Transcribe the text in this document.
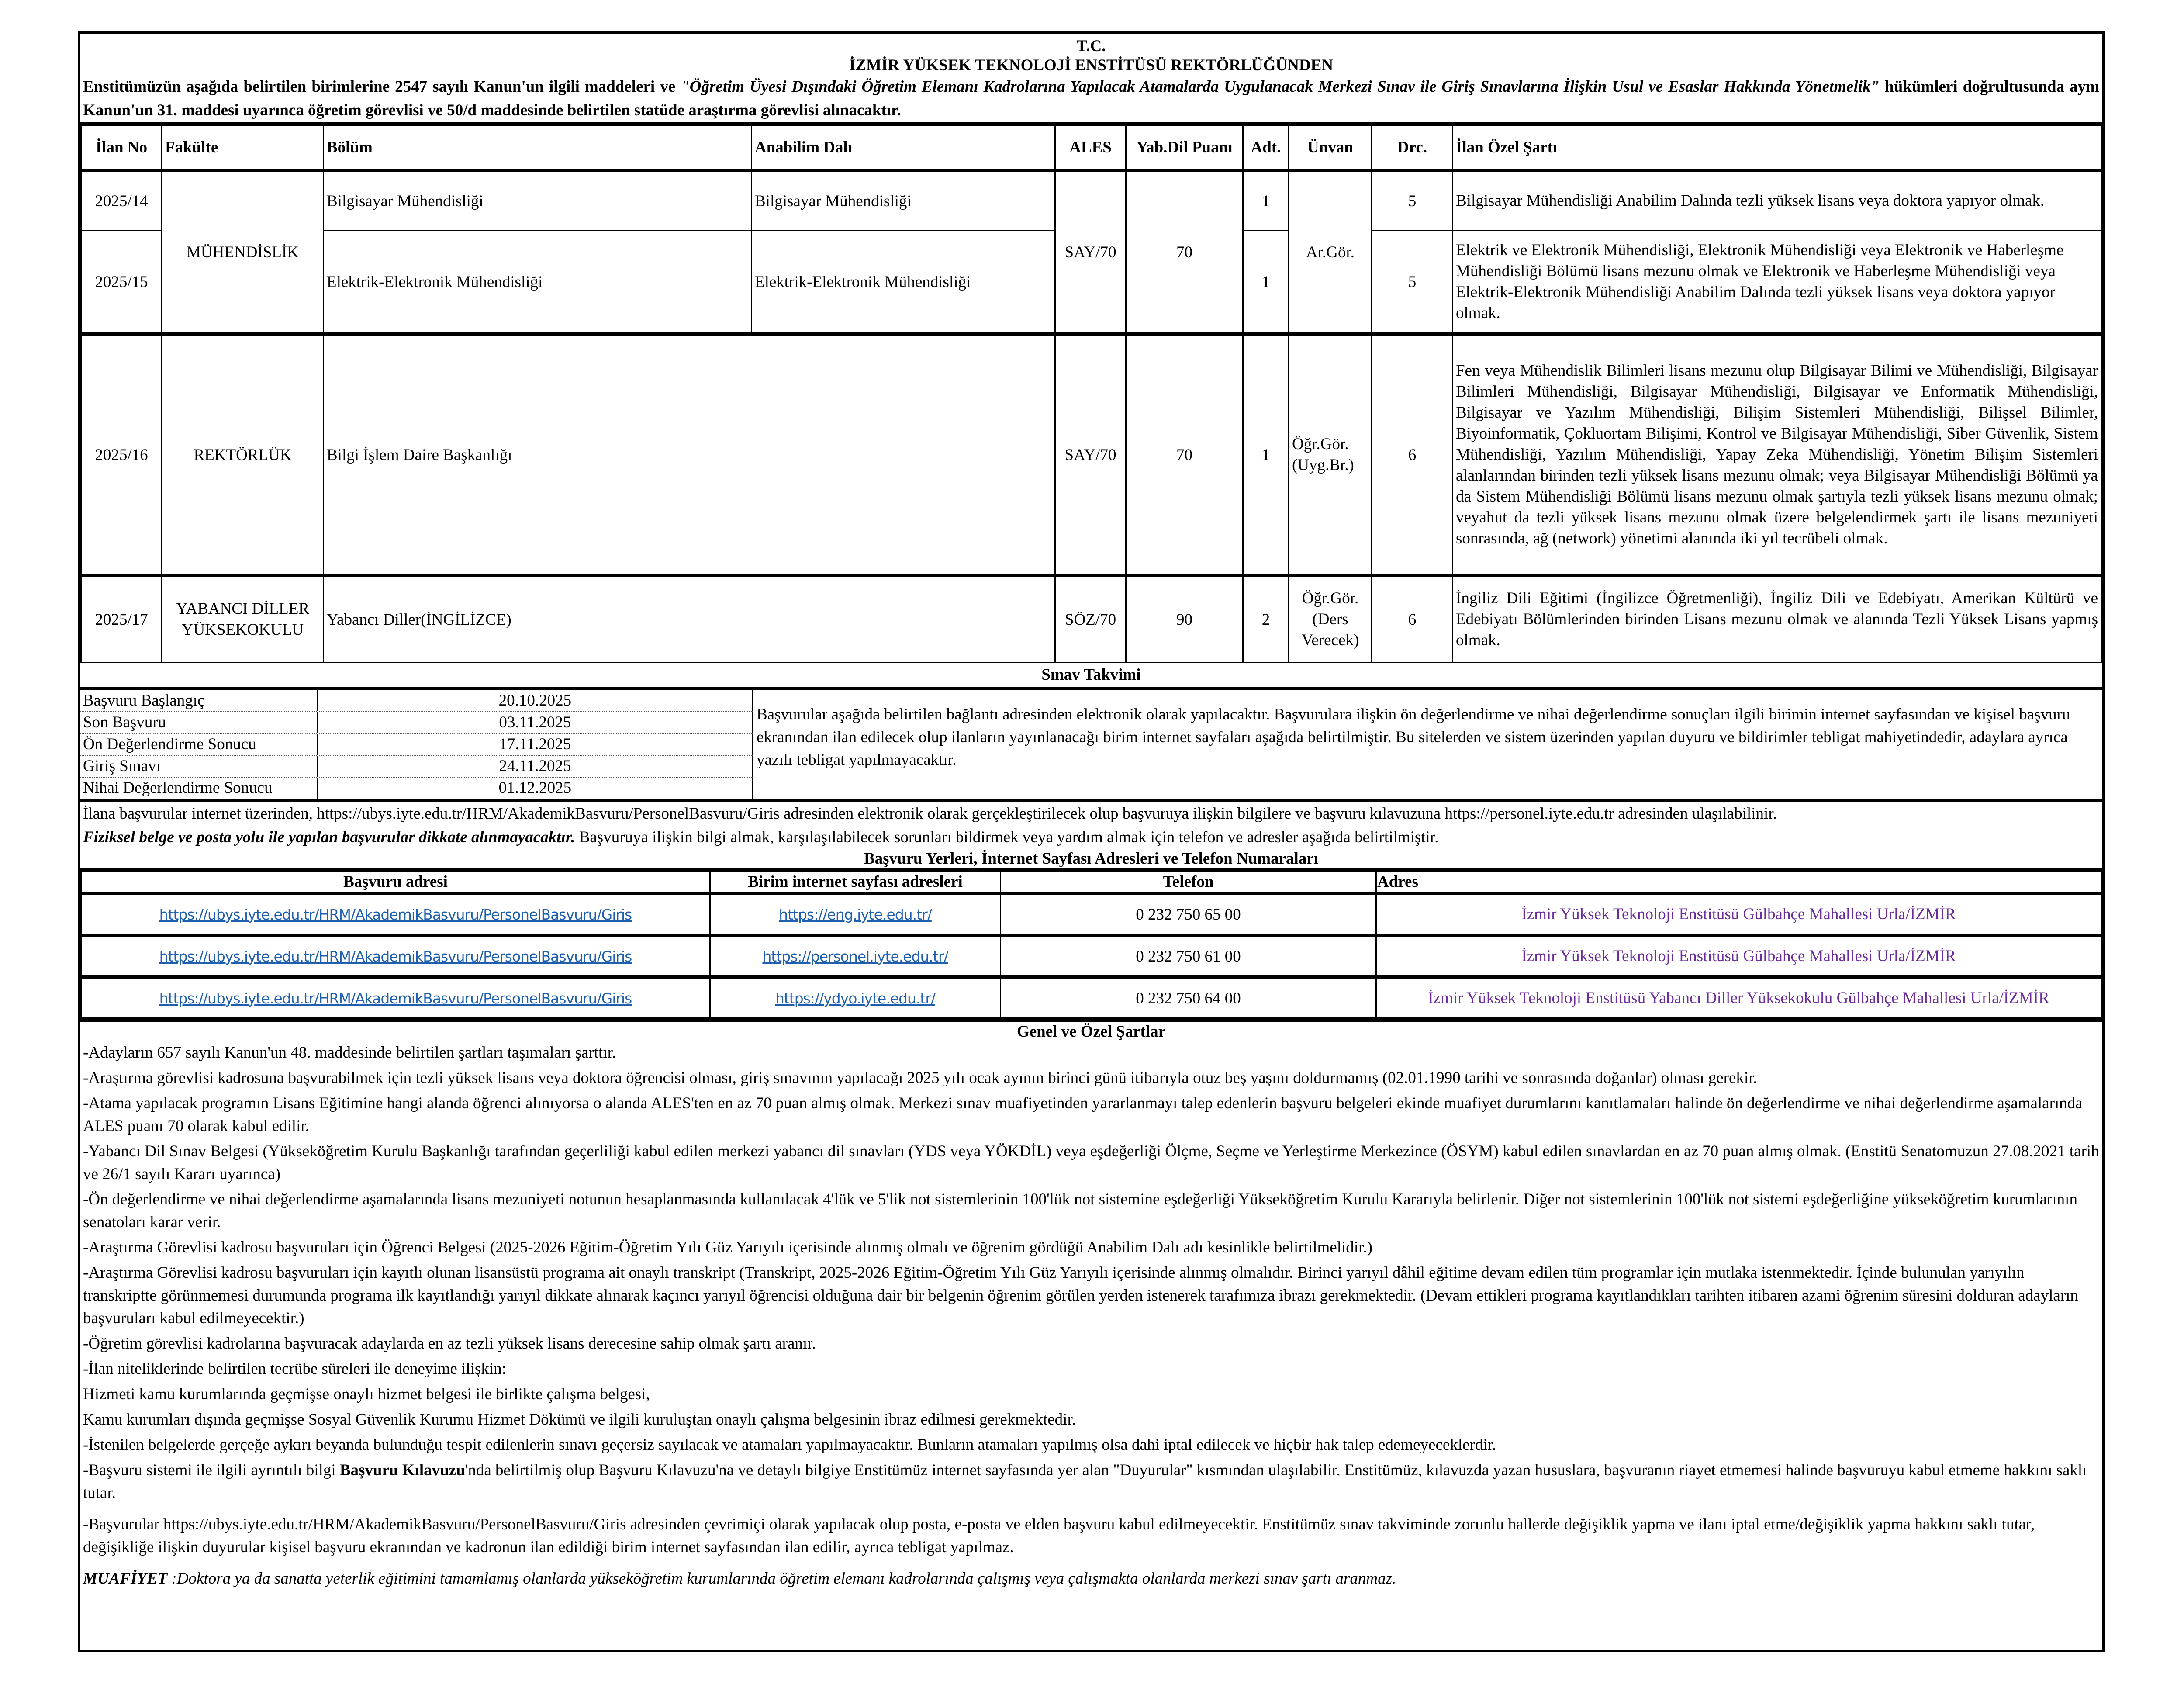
T.C.
İZMİR YÜKSEK TEKNOLOJİ ENSTİTÜSÜ REKTÖRLÜĞÜNDEN
Enstitümüzün aşağıda belirtilen birimlerine 2547 sayılı Kanun'un ilgili maddeleri ve "Öğretim Üyesi Dışındaki Öğretim Elemanı Kadrolarına Yapılacak Atamalarda Uygulanacak Merkezi Sınav ile Giriş Sınavlarına İlişkin Usul ve Esaslar Hakkında Yönetmelik" hükümleri doğrultusunda aynı Kanun'un 31. maddesi uyarınca öğretim görevlisi ve 50/d maddesinde belirtilen statüde araştırma görevlisi alınacaktır.
İlan No	Fakülte	Bölüm	Anabilim Dalı	ALES	Yab.Dil Puanı	Adt.	Ünvan	Drc.	İlan Özel Şartı
2025/14	MÜHENDİSLİK	Bilgisayar Mühendisliği	Bilgisayar Mühendisliği	SAY/70	70	1	Ar.Gör.	5	Bilgisayar Mühendisliği Anabilim Dalında tezli yüksek lisans veya doktora yapıyor olmak.
2025/15		Elektrik-Elektronik Mühendisliği	Elektrik-Elektronik Mühendisliği			1		5	Elektrik ve Elektronik Mühendisliği, Elektronik Mühendisliği veya Elektronik ve Haberleşme Mühendisliği Bölümü lisans mezunu olmak ve Elektronik ve Haberleşme Mühendisliği veya Elektrik-Elektronik Mühendisliği Anabilim Dalında tezli yüksek lisans veya doktora yapıyor olmak.
2025/16	REKTÖRLÜK	Bilgi İşlem Daire Başkanlığı		SAY/70	70	1	Öğr.Gör. (Uyg.Br.)	6	Fen veya Mühendislik Bilimleri lisans mezunu olup Bilgisayar Bilimi ve Mühendisliği, Bilgisayar Bilimleri Mühendisliği, Bilgisayar Mühendisliği, Bilgisayar ve Enformatik Mühendisliği, Bilgisayar ve Yazılım Mühendisliği, Bilişim Sistemleri Mühendisliği, Bilişsel Bilimler, Biyoinformatik, Çokluortam Bilişimi, Kontrol ve Bilgisayar Mühendisliği, Siber Güvenlik, Sistem Mühendisliği, Yazılım Mühendisliği, Yapay Zeka Mühendisliği, Yönetim Bilişim Sistemleri alanlarından birinden tezli yüksek lisans mezunu olmak; veya Bilgisayar Mühendisliği Bölümü ya da Sistem Mühendisliği Bölümü lisans mezunu olmak şartıyla tezli yüksek lisans mezunu olmak; veyahut da tezli yüksek lisans mezunu olmak üzere belgelendirmek şartı ile lisans mezuniyeti sonrasında, ağ (network) yönetimi alanında iki yıl tecrübeli olmak.
2025/17	YABANCI DİLLER YÜKSEKOKULU	Yabancı Diller(İNGİLİZCE)		SÖZ/70	90	2	Öğr.Gör. (Ders Verecek)	6	İngiliz Dili Eğitimi (İngilizce Öğretmenliği), İngiliz Dili ve Edebiyatı, Amerikan Kültürü ve Edebiyatı Bölümlerinden birinden Lisans mezunu olmak ve alanında Tezli Yüksek Lisans yapmış olmak.
Sınav Takvimi
Başvuru Başlangıç	20.10.2025
Son Başvuru	03.11.2025
Ön Değerlendirme Sonucu	17.11.2025
Giriş Sınavı	24.11.2025
Nihai Değerlendirme Sonucu	01.12.2025
Başvurular aşağıda belirtilen bağlantı adresinden elektronik olarak yapılacaktır. Başvurulara ilişkin ön değerlendirme ve nihai değerlendirme sonuçları ilgili birimin internet sayfasından ve kişisel başvuru ekranından ilan edilecek olup ilanların yayınlanacağı birim internet sayfaları aşağıda belirtilmiştir. Bu sitelerden ve sistem üzerinden yapılan duyuru ve bildirimler tebligat mahiyetindedir, adaylara ayrıca yazılı tebligat yapılmayacaktır.
İlana başvurular internet üzerinden, https://ubys.iyte.edu.tr/HRM/AkademikBasvuru/PersonelBasvuru/Giris adresinden elektronik olarak gerçekleştirilecek olup başvuruya ilişkin bilgilere ve başvuru kılavuzuna https://personel.iyte.edu.tr adresinden ulaşılabilinir.
Fiziksel belge ve posta yolu ile yapılan başvurular dikkate alınmayacaktır. Başvuruya ilişkin bilgi almak, karşılaşılabilecek sorunları bildirmek veya yardım almak için telefon ve adresler aşağıda belirtilmiştir.
Başvuru Yerleri, İnternet Sayfası Adresleri ve Telefon Numaraları
Başvuru adresi	Birim internet sayfası adresleri	Telefon	Adres
https://ubys.iyte.edu.tr/HRM/AkademikBasvuru/PersonelBasvuru/Giris	https://eng.iyte.edu.tr/	0 232 750 65 00	İzmir Yüksek Teknoloji Enstitüsü Gülbahçe Mahallesi Urla/İZMİR
https://ubys.iyte.edu.tr/HRM/AkademikBasvuru/PersonelBasvuru/Giris	https://personel.iyte.edu.tr/	0 232 750 61 00	İzmir Yüksek Teknoloji Enstitüsü Gülbahçe Mahallesi Urla/İZMİR
https://ubys.iyte.edu.tr/HRM/AkademikBasvuru/PersonelBasvuru/Giris	https://ydyo.iyte.edu.tr/	0 232 750 64 00	İzmir Yüksek Teknoloji Enstitüsü Yabancı Diller Yüksekokulu Gülbahçe Mahallesi Urla/İZMİR
Genel ve Özel Şartlar

-Adayların 657 sayılı Kanun'un 48. maddesinde belirtilen şartları taşımaları şarttır.

-Araştırma görevlisi kadrosuna başvurabilmek için tezli yüksek lisans veya doktora öğrencisi olması, giriş sınavının yapılacağı 2025 yılı ocak ayının birinci günü itibarıyla otuz beş yaşını doldurmamış (02.01.1990 tarihi ve sonrasında doğanlar) olması gerekir.

-Atama yapılacak programın Lisans Eğitimine hangi alanda öğrenci alınıyorsa o alanda ALES'ten en az 70 puan almış olmak. Merkezi sınav muafiyetinden yararlanmayı talep edenlerin başvuru belgeleri ekinde muafiyet durumlarını kanıtlamaları halinde ön değerlendirme ve nihai değerlendirme aşamalarında ALES puanı 70 olarak kabul edilir.

-Yabancı Dil Sınav Belgesi (Yükseköğretim Kurulu Başkanlığı tarafından geçerliliği kabul edilen merkezi yabancı dil sınavları (YDS veya YÖKDİL) veya eşdeğerliği Ölçme, Seçme ve Yerleştirme Merkezince (ÖSYM) kabul edilen sınavlardan en az 70 puan almış olmak. (Enstitü Senatomuzun 27.08.2021 tarih ve 26/1 sayılı Kararı uyarınca)

-Ön değerlendirme ve nihai değerlendirme aşamalarında lisans mezuniyeti notunun hesaplanmasında kullanılacak 4'lük ve 5'lik not sistemlerinin 100'lük not sistemine eşdeğerliği Yükseköğretim Kurulu Kararıyla belirlenir. Diğer not sistemlerinin 100'lük not sistemi eşdeğerliğine yükseköğretim kurumlarının senatoları karar verir.

-Araştırma Görevlisi kadrosu başvuruları için Öğrenci Belgesi (2025-2026 Eğitim-Öğretim Yılı Güz Yarıyılı içerisinde alınmış olmalı ve öğrenim gördüğü Anabilim Dalı adı kesinlikle belirtilmelidir.)

-Araştırma Görevlisi kadrosu başvuruları için kayıtlı olunan lisansüstü programa ait onaylı transkript (Transkript, 2025-2026 Eğitim-Öğretim Yılı Güz Yarıyılı içerisinde alınmış olmalıdır. Birinci yarıyıl dâhil eğitime devam edilen tüm programlar için mutlaka istenmektedir. İçinde bulunulan yarıyılın transkriptte görünmemesi durumunda programa ilk kayıtlandığı yarıyıl dikkate alınarak kaçıncı yarıyıl öğrencisi olduğuna dair bir belgenin öğrenim görülen yerden istenerek tarafımıza ibrazı gerekmektedir. (Devam ettikleri programa kayıtlandıkları tarihten itibaren azami öğrenim süresini dolduran adayların başvuruları kabul edilmeyecektir.)

-Öğretim görevlisi kadrolarına başvuracak adaylarda en az tezli yüksek lisans derecesine sahip olmak şartı aranır.

-İlan niteliklerinde belirtilen tecrübe süreleri ile deneyime ilişkin:

Hizmeti kamu kurumlarında geçmişse onaylı hizmet belgesi ile birlikte çalışma belgesi,

Kamu kurumları dışında geçmişse Sosyal Güvenlik Kurumu Hizmet Dökümü ve ilgili kuruluştan onaylı çalışma belgesinin ibraz edilmesi gerekmektedir.

-İstenilen belgelerde gerçeğe aykırı beyanda bulunduğu tespit edilenlerin sınavı geçersiz sayılacak ve atamaları yapılmayacaktır. Bunların atamaları yapılmış olsa dahi iptal edilecek ve hiçbir hak talep edemeyeceklerdir.

-Başvuru sistemi ile ilgili ayrıntılı bilgi Başvuru Kılavuzu'nda belirtilmiş olup Başvuru Kılavuzu'na ve detaylı bilgiye Enstitümüz internet sayfasında yer alan "Duyurular" kısmından ulaşılabilir. Enstitümüz, kılavuzda yazan hususlara, başvuranın riayet etmemesi halinde başvuruyu kabul etmeme hakkını saklı tutar.

-Başvurular https://ubys.iyte.edu.tr/HRM/AkademikBasvuru/PersonelBasvuru/Giris adresinden çevrimiçi olarak yapılacak olup posta, e-posta ve elden başvuru kabul edilmeyecektir. Enstitümüz sınav takviminde zorunlu hallerde değişiklik yapma ve ilanı iptal etme/değişiklik yapma hakkını saklı tutar, değişikliğe ilişkin duyurular kişisel başvuru ekranından ve kadronun ilan edildiği birim internet sayfasından ilan edilir, ayrıca tebligat yapılmaz.

MUAFİYET :Doktora ya da sanatta yeterlik eğitimini tamamlamış olanlarda yükseköğretim kurumlarında öğretim elemanı kadrolarında çalışmış veya çalışmakta olanlarda merkezi sınav şartı aranmaz.
